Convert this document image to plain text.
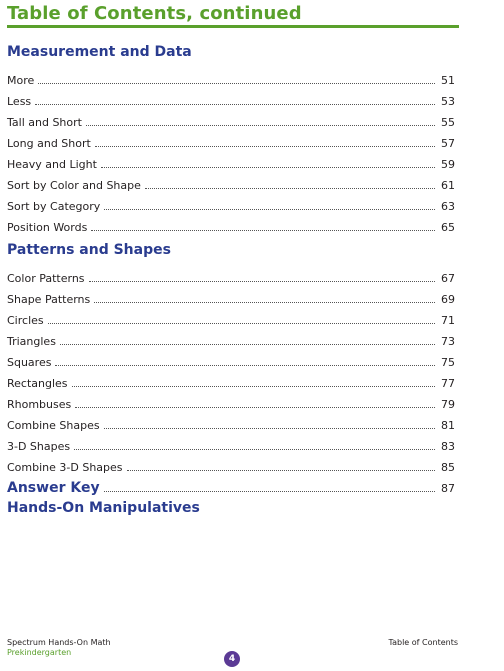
Table of Contents, continued
Measurement and Data
More	51
Less	53
Tall and Short	55
Long and Short	57
Heavy and Light	59
Sort by Color and Shape	61
Sort by Category	63
Position Words	65
Patterns and Shapes
Color Patterns	67
Shape Patterns	69
Circles	71
Triangles	73
Squares	75
Rectangles	77
Rhombuses	79
Combine Shapes	81
3-D Shapes	83
Combine 3-D Shapes	85
Answer Key	87
Hands-On Manipulatives
Spectrum Hands-On Math
Prekindergarten
Table of Contents
4
